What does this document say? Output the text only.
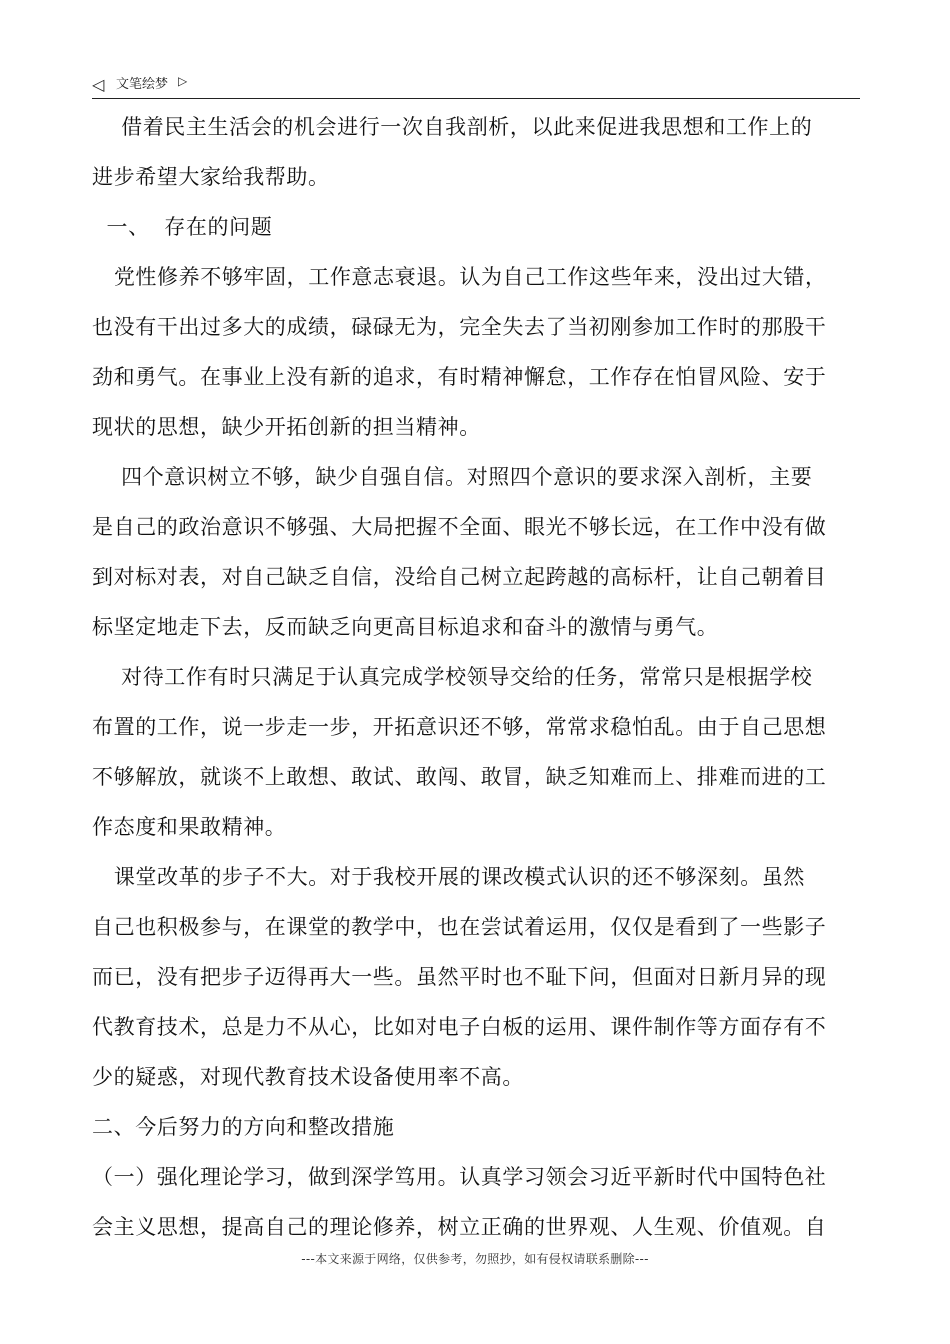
◁ 文笔绘梦 ▷
借着民主生活会的机会进行一次自我剖析，以此来促进我思想和工作上的
进步希望大家给我帮助。
一、  存在的问题
党性修养不够牢固，工作意志衰退。认为自己工作这些年来，没出过大错，
也没有干出过多大的成绩，碌碌无为，完全失去了当初刚参加工作时的那股干
劲和勇气。在事业上没有新的追求，有时精神懈怠，工作存在怕冒风险、安于
现状的思想，缺少开拓创新的担当精神。
四个意识树立不够，缺少自强自信。对照四个意识的要求深入剖析，主要
是自己的政治意识不够强、大局把握不全面、眼光不够长远，在工作中没有做
到对标对表，对自己缺乏自信，没给自己树立起跨越的高标杆，让自己朝着目
标坚定地走下去，反而缺乏向更高目标追求和奋斗的激情与勇气。
对待工作有时只满足于认真完成学校领导交给的任务，常常只是根据学校
布置的工作，说一步走一步，开拓意识还不够，常常求稳怕乱。由于自己思想
不够解放，就谈不上敢想、敢试、敢闯、敢冒，缺乏知难而上、排难而进的工
作态度和果敢精神。
课堂改革的步子不大。对于我校开展的课改模式认识的还不够深刻。虽然
自己也积极参与，在课堂的教学中，也在尝试着运用，仅仅是看到了一些影子
而已，没有把步子迈得再大一些。虽然平时也不耻下问，但面对日新月异的现
代教育技术，总是力不从心，比如对电子白板的运用、课件制作等方面存有不
少的疑惑，对现代教育技术设备使用率不高。
二、今后努力的方向和整改措施
（一）强化理论学习，做到深学笃用。认真学习领会习近平新时代中国特色社
会主义思想，提高自己的理论修养，树立正确的世界观、人生观、价值观。自
---本文来源于网络，仅供参考，勿照抄，如有侵权请联系删除---
